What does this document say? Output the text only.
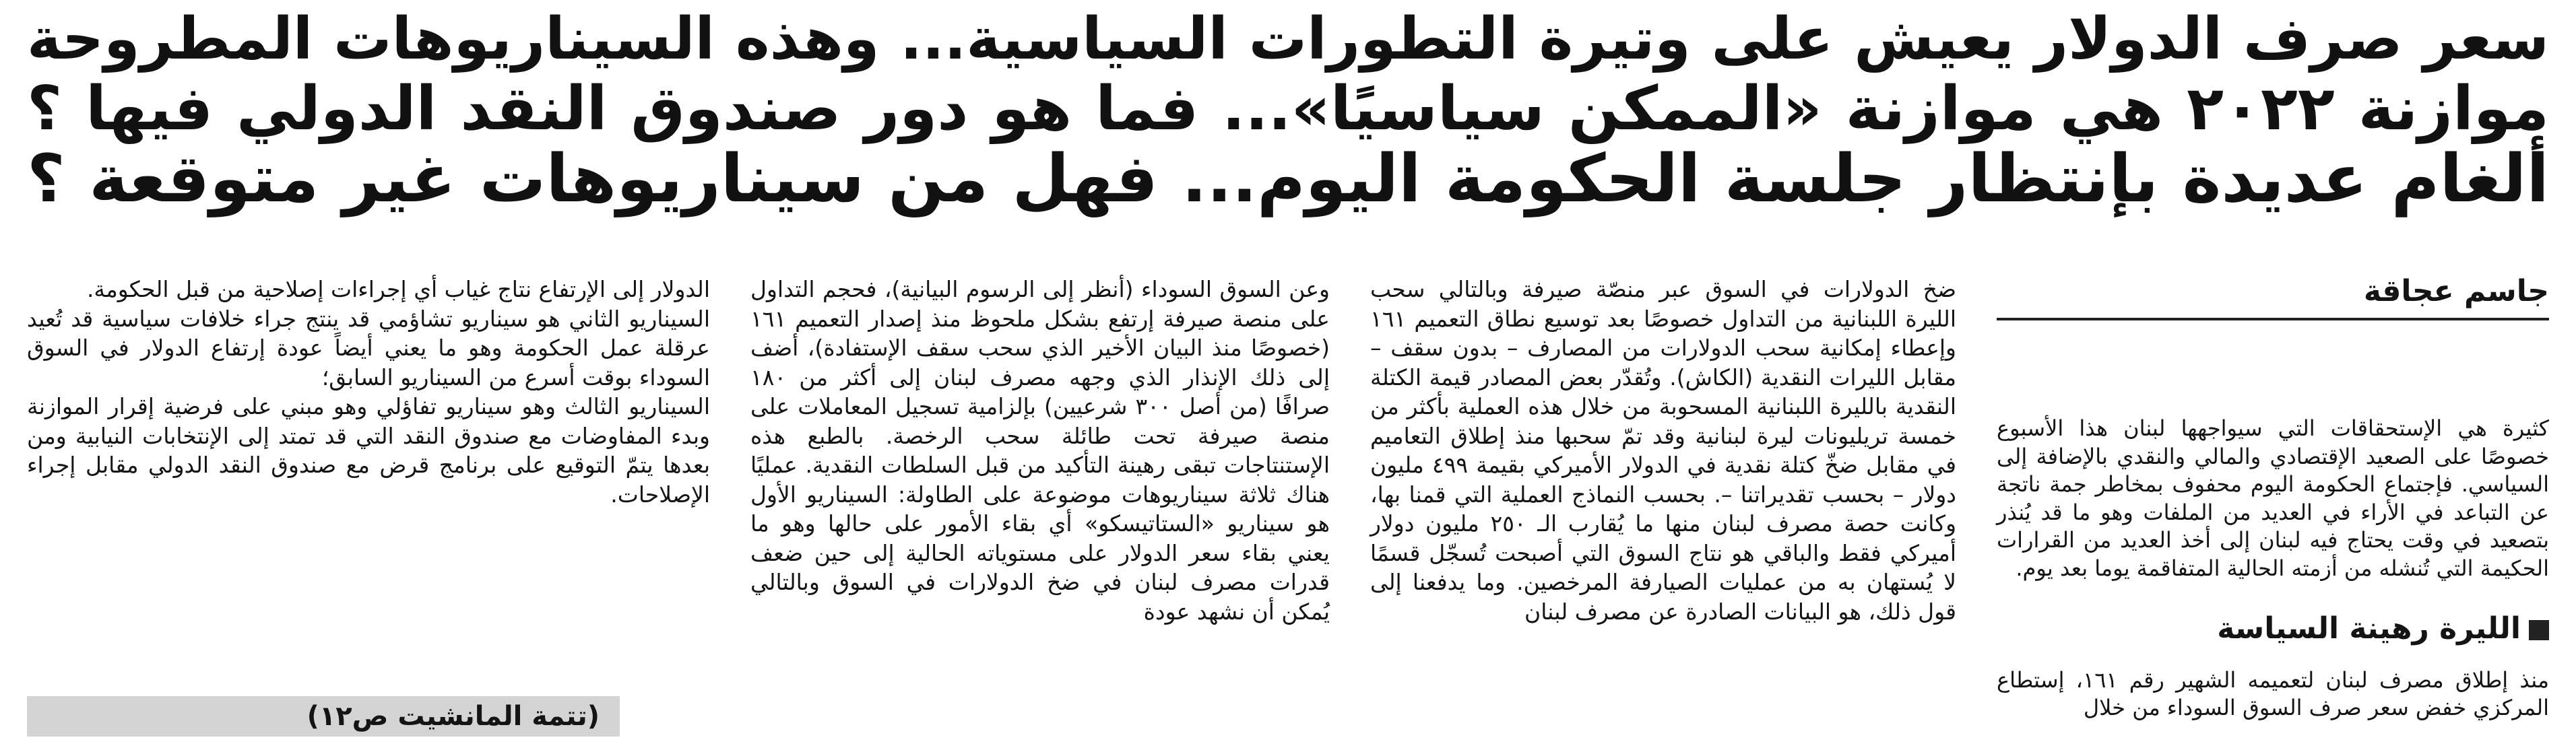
سعر صرف الدولار يعيش على وتيرة التطورات السياسية... وهذه السيناريوهات المطروحة
موازنة ٢٠٢٢ هي موازنة «الممكن سياسيًا»... فما هو دور صندوق النقد الدولي فيها ؟
ألغام عديدة بإنتظار جلسة الحكومة اليوم... فهل من سيناريوهات غير متوقعة ؟
جاسم عجاقة

كثيرة هي الإستحقاقات التي سيواجهها لبنان هذا الأسبوع خصوصًا على الصعيد الإقتصادي والمالي والنقدي بالإضافة إلى السياسي. فإجتماع الحكومة اليوم محفوف بمخاطر جمة ناتجة عن التباعد في الأراء في العديد من الملفات وهو ما قد يُنذر بتصعيد في وقت يحتاج فيه لبنان إلى أخذ العديد من القرارات الحكيمة التي تُنشله من أزمته الحالية المتفاقمة يوما بعد يوم.

الليرة رهينة السياسة

منذ إطلاق مصرف لبنان لتعميمه الشهير رقم ١٦١، إستطاع المركزي خفض سعر صرف السوق السوداء من خلال

ضخ الدولارات في السوق عبر منصّة صيرفة وبالتالي سحب الليرة اللبنانية من التداول خصوصًا بعد توسيع نطاق التعميم ١٦١ وإعطاء إمكانية سحب الدولارات من المصارف – بدون سقف – مقابل الليرات النقدية (الكاش). وتُقدّر بعض المصادر قيمة الكتلة النقدية بالليرة اللبنانية المسحوبة من خلال هذه العملية بأكثر من خمسة تريليونات ليرة لبنانية وقد تمّ سحبها منذ إطلاق التعاميم في مقابل ضخّ كتلة نقدية في الدولار الأميركي بقيمة ٤٩٩ مليون دولار – بحسب تقديراتنا –. بحسب النماذج العملية التي قمنا بها، وكانت حصة مصرف لبنان منها ما يُقارب الـ ٢٥٠ مليون دولار أميركي فقط والباقي هو نتاج السوق التي أصبحت تُسجّل قسمًا لا يُستهان به من عمليات الصيارفة المرخصين. وما يدفعنا إلى قول ذلك، هو البيانات الصادرة عن مصرف لبنان

وعن السوق السوداء (أنظر إلى الرسوم البيانية)، فحجم التداول على منصة صيرفة إرتفع بشكل ملحوظ منذ إصدار التعميم ١٦١ (خصوصًا منذ البيان الأخير الذي سحب سقف الإستفادة)، أضف إلى ذلك الإنذار الذي وجهه مصرف لبنان إلى أكثر من ١٨٠ صرافًا (من أصل ٣٠٠ شرعيين) بإلزامية تسجيل المعاملات على منصة صيرفة تحت طائلة سحب الرخصة. بالطبع هذه الإستنتاجات تبقى رهينة التأكيد من قبل السلطات النقدية. عمليًا هناك ثلاثة سيناريوهات موضوعة على الطاولة: السيناريو الأول هو سيناريو «الستاتيسكو» أي بقاء الأمور على حالها وهو ما يعني بقاء سعر الدولار على مستوياته الحالية إلى حين ضعف قدرات مصرف لبنان في ضخ الدولارات في السوق وبالتالي يُمكن أن نشهد عودة

الدولار إلى الإرتفاع نتاج غياب أي إجراءات إصلاحية من قبل الحكومة.

السيناريو الثاني هو سيناريو تشاؤمي قد ينتج جراء خلافات سياسية قد تُعيد عرقلة عمل الحكومة وهو ما يعني أيضاً عودة إرتفاع الدولار في السوق السوداء بوقت أسرع من السيناريو السابق؛

السيناريو الثالث وهو سيناريو تفاؤلي وهو مبني على فرضية إقرار الموازنة وبدء المفاوضات مع صندوق النقد التي قد تمتد إلى الإنتخابات النيابية ومن بعدها يتمّ التوقيع على برنامج قرض مع صندوق النقد الدولي مقابل إجراء الإصلاحات.

(تتمة المانشيت ص١٢)
